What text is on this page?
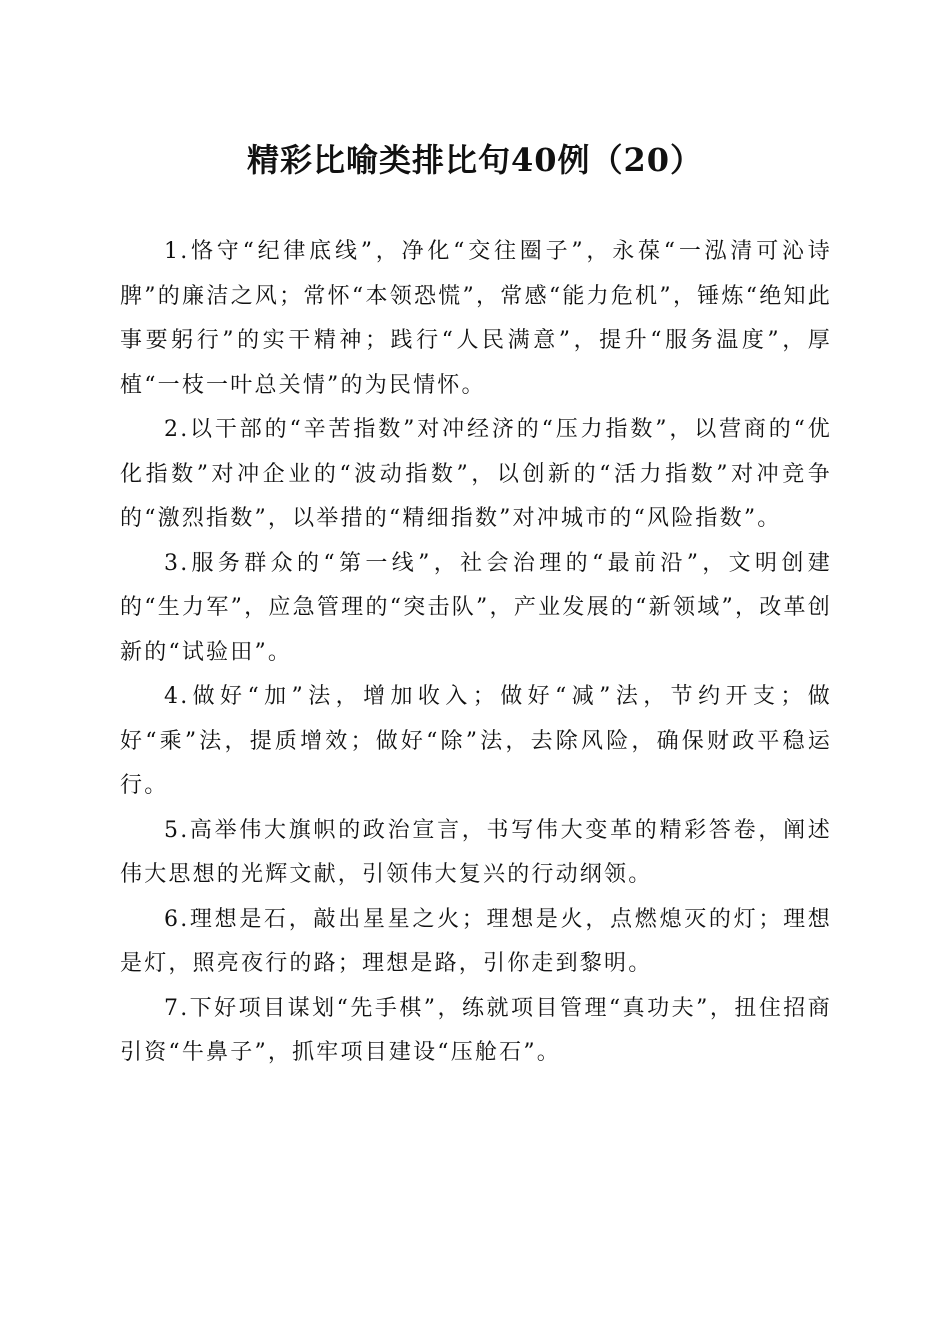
精彩比喻类排比句40例（20）

1.恪守“纪律底线”，净化“交往圈子”，永葆“一泓清可沁诗脾”的廉洁之风；常怀“本领恐慌”，常感“能力危机”，锤炼“绝知此事要躬行”的实干精神；践行“人民满意”，提升“服务温度”，厚植“一枝一叶总关情”的为民情怀。

2.以干部的“辛苦指数”对冲经济的“压力指数”，以营商的“优化指数”对冲企业的“波动指数”，以创新的“活力指数”对冲竞争的“激烈指数”，以举措的“精细指数”对冲城市的“风险指数”。

3.服务群众的“第一线”，社会治理的“最前沿”，文明创建的“生力军”，应急管理的“突击队”，产业发展的“新领域”，改革创新的“试验田”。

4.做好“加”法，增加收入；做好“减”法，节约开支；做好“乘”法，提质增效；做好“除”法，去除风险，确保财政平稳运行。

5.高举伟大旗帜的政治宣言，书写伟大变革的精彩答卷，阐述伟大思想的光辉文献，引领伟大复兴的行动纲领。

6.理想是石，敲出星星之火；理想是火，点燃熄灭的灯；理想是灯，照亮夜行的路；理想是路，引你走到黎明。

7.下好项目谋划“先手棋”，练就项目管理“真功夫”，扭住招商引资“牛鼻子”，抓牢项目建设“压舱石”。
